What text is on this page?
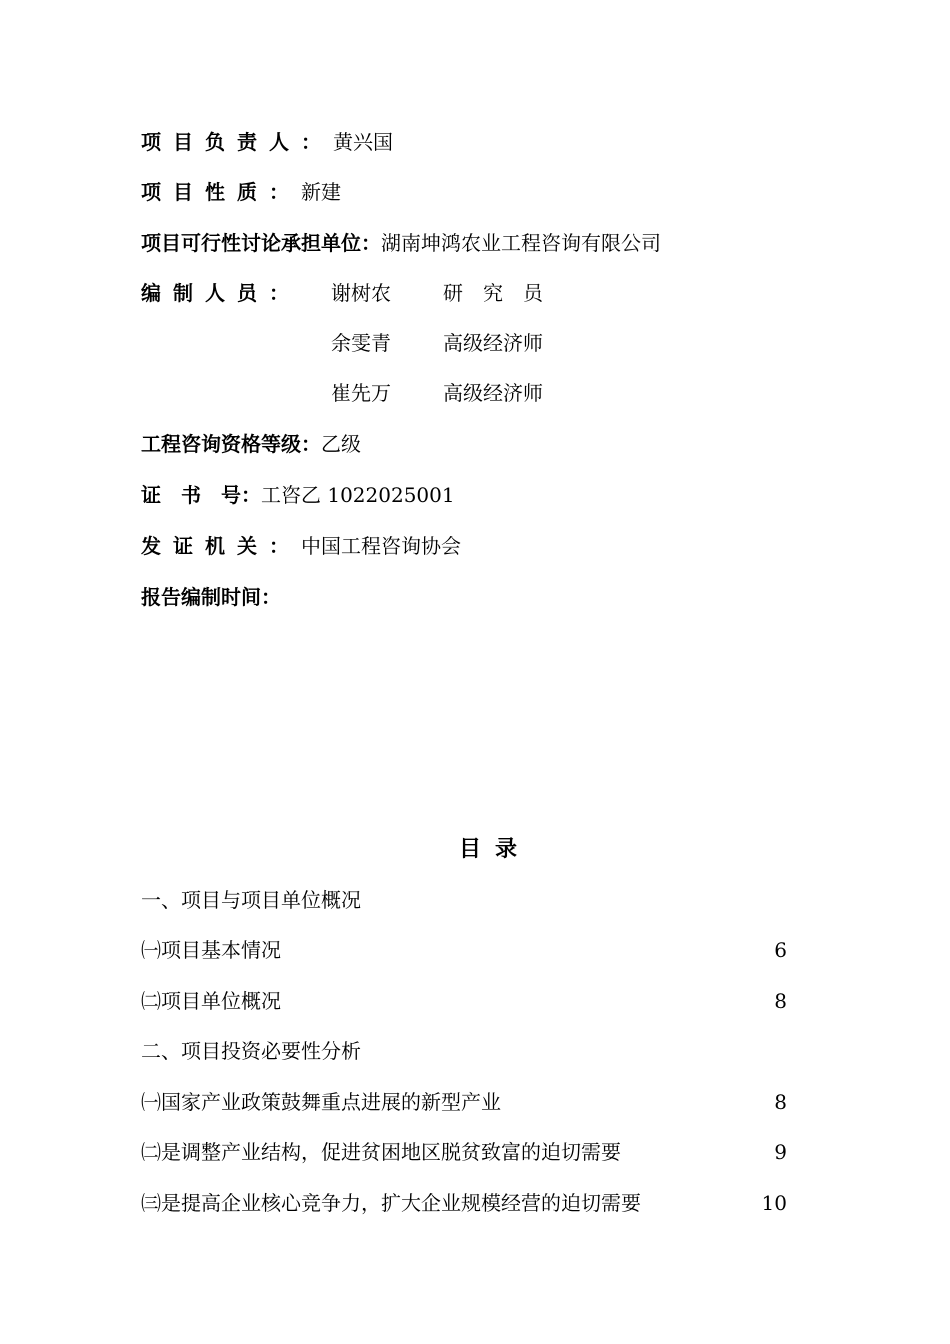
项目负责人：黄兴国
项目性质：新建
项目可行性讨论承担单位：湖南坤鸿农业工程咨询有限公司
编制人员： 谢树农	研　究　员
余雯青	高级经济师
崔先万	高级经济师
工程咨询资格等级：乙级
证　书　号：工咨乙 1022025001
发证机关：中国工程咨询协会
报告编制时间：
目录
一、项目与项目单位概况
㈠项目基本情况	6
㈡项目单位概况	8
二、项目投资必要性分析
㈠国家产业政策鼓舞重点进展的新型产业	8
㈡是调整产业结构，促进贫困地区脱贫致富的迫切需要	9
㈢是提高企业核心竞争力，扩大企业规模经营的迫切需要	10
